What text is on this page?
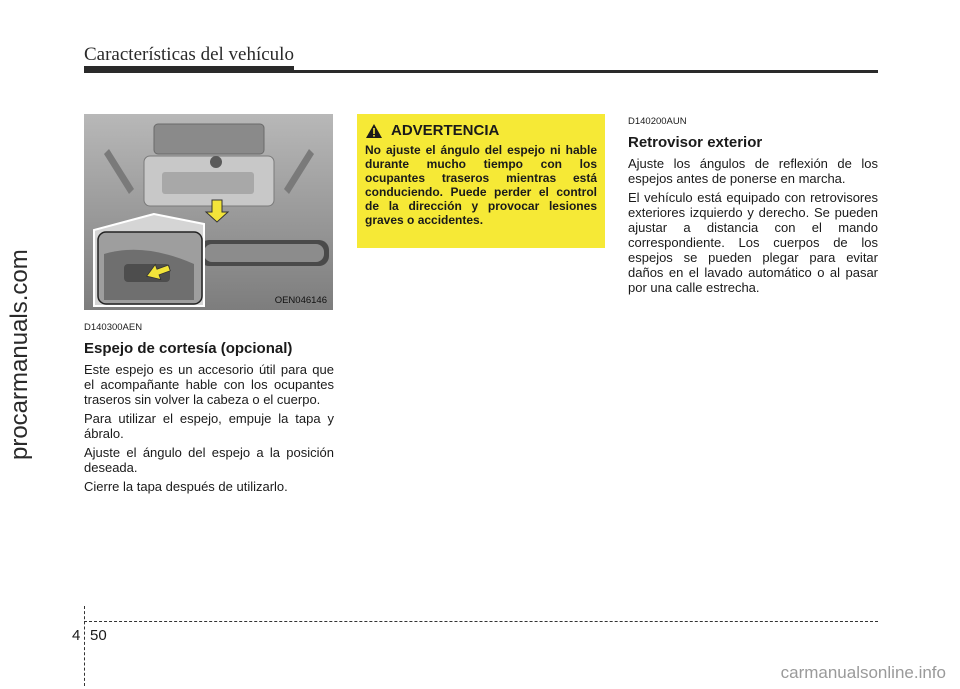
Características del vehículo
procarmanuals.com	OEN046146
D140300AEN
Espejo de cortesía (opcional)

Este espejo es un accesorio útil para que el acompañante hable con los ocupantes traseros sin volver la cabeza o el cuerpo.

Para utilizar el espejo, empuje la tapa y ábralo.

Ajuste el ángulo del espejo a la posición deseada.

Cierre la tapa después de utilizarlo.

ADVERTENCIA
No ajuste el ángulo del espejo ni hable durante mucho tiempo con los ocupantes traseros mientras está conduciendo. Puede perder el control de la dirección y provocar lesiones graves o accidentes.
D140200AUN
Retrovisor exterior

Ajuste los ángulos de reflexión de los espejos antes de ponerse en marcha.

El vehículo está equipado con retrovisores exteriores izquierdo y derecho. Se pueden ajustar a distancia con el mando correspondiente. Los cuerpos de los espejos se pueden plegar para evitar daños en el lavado automático o al pasar por una calle estrecha.

4 50
carmanualsonline.info
